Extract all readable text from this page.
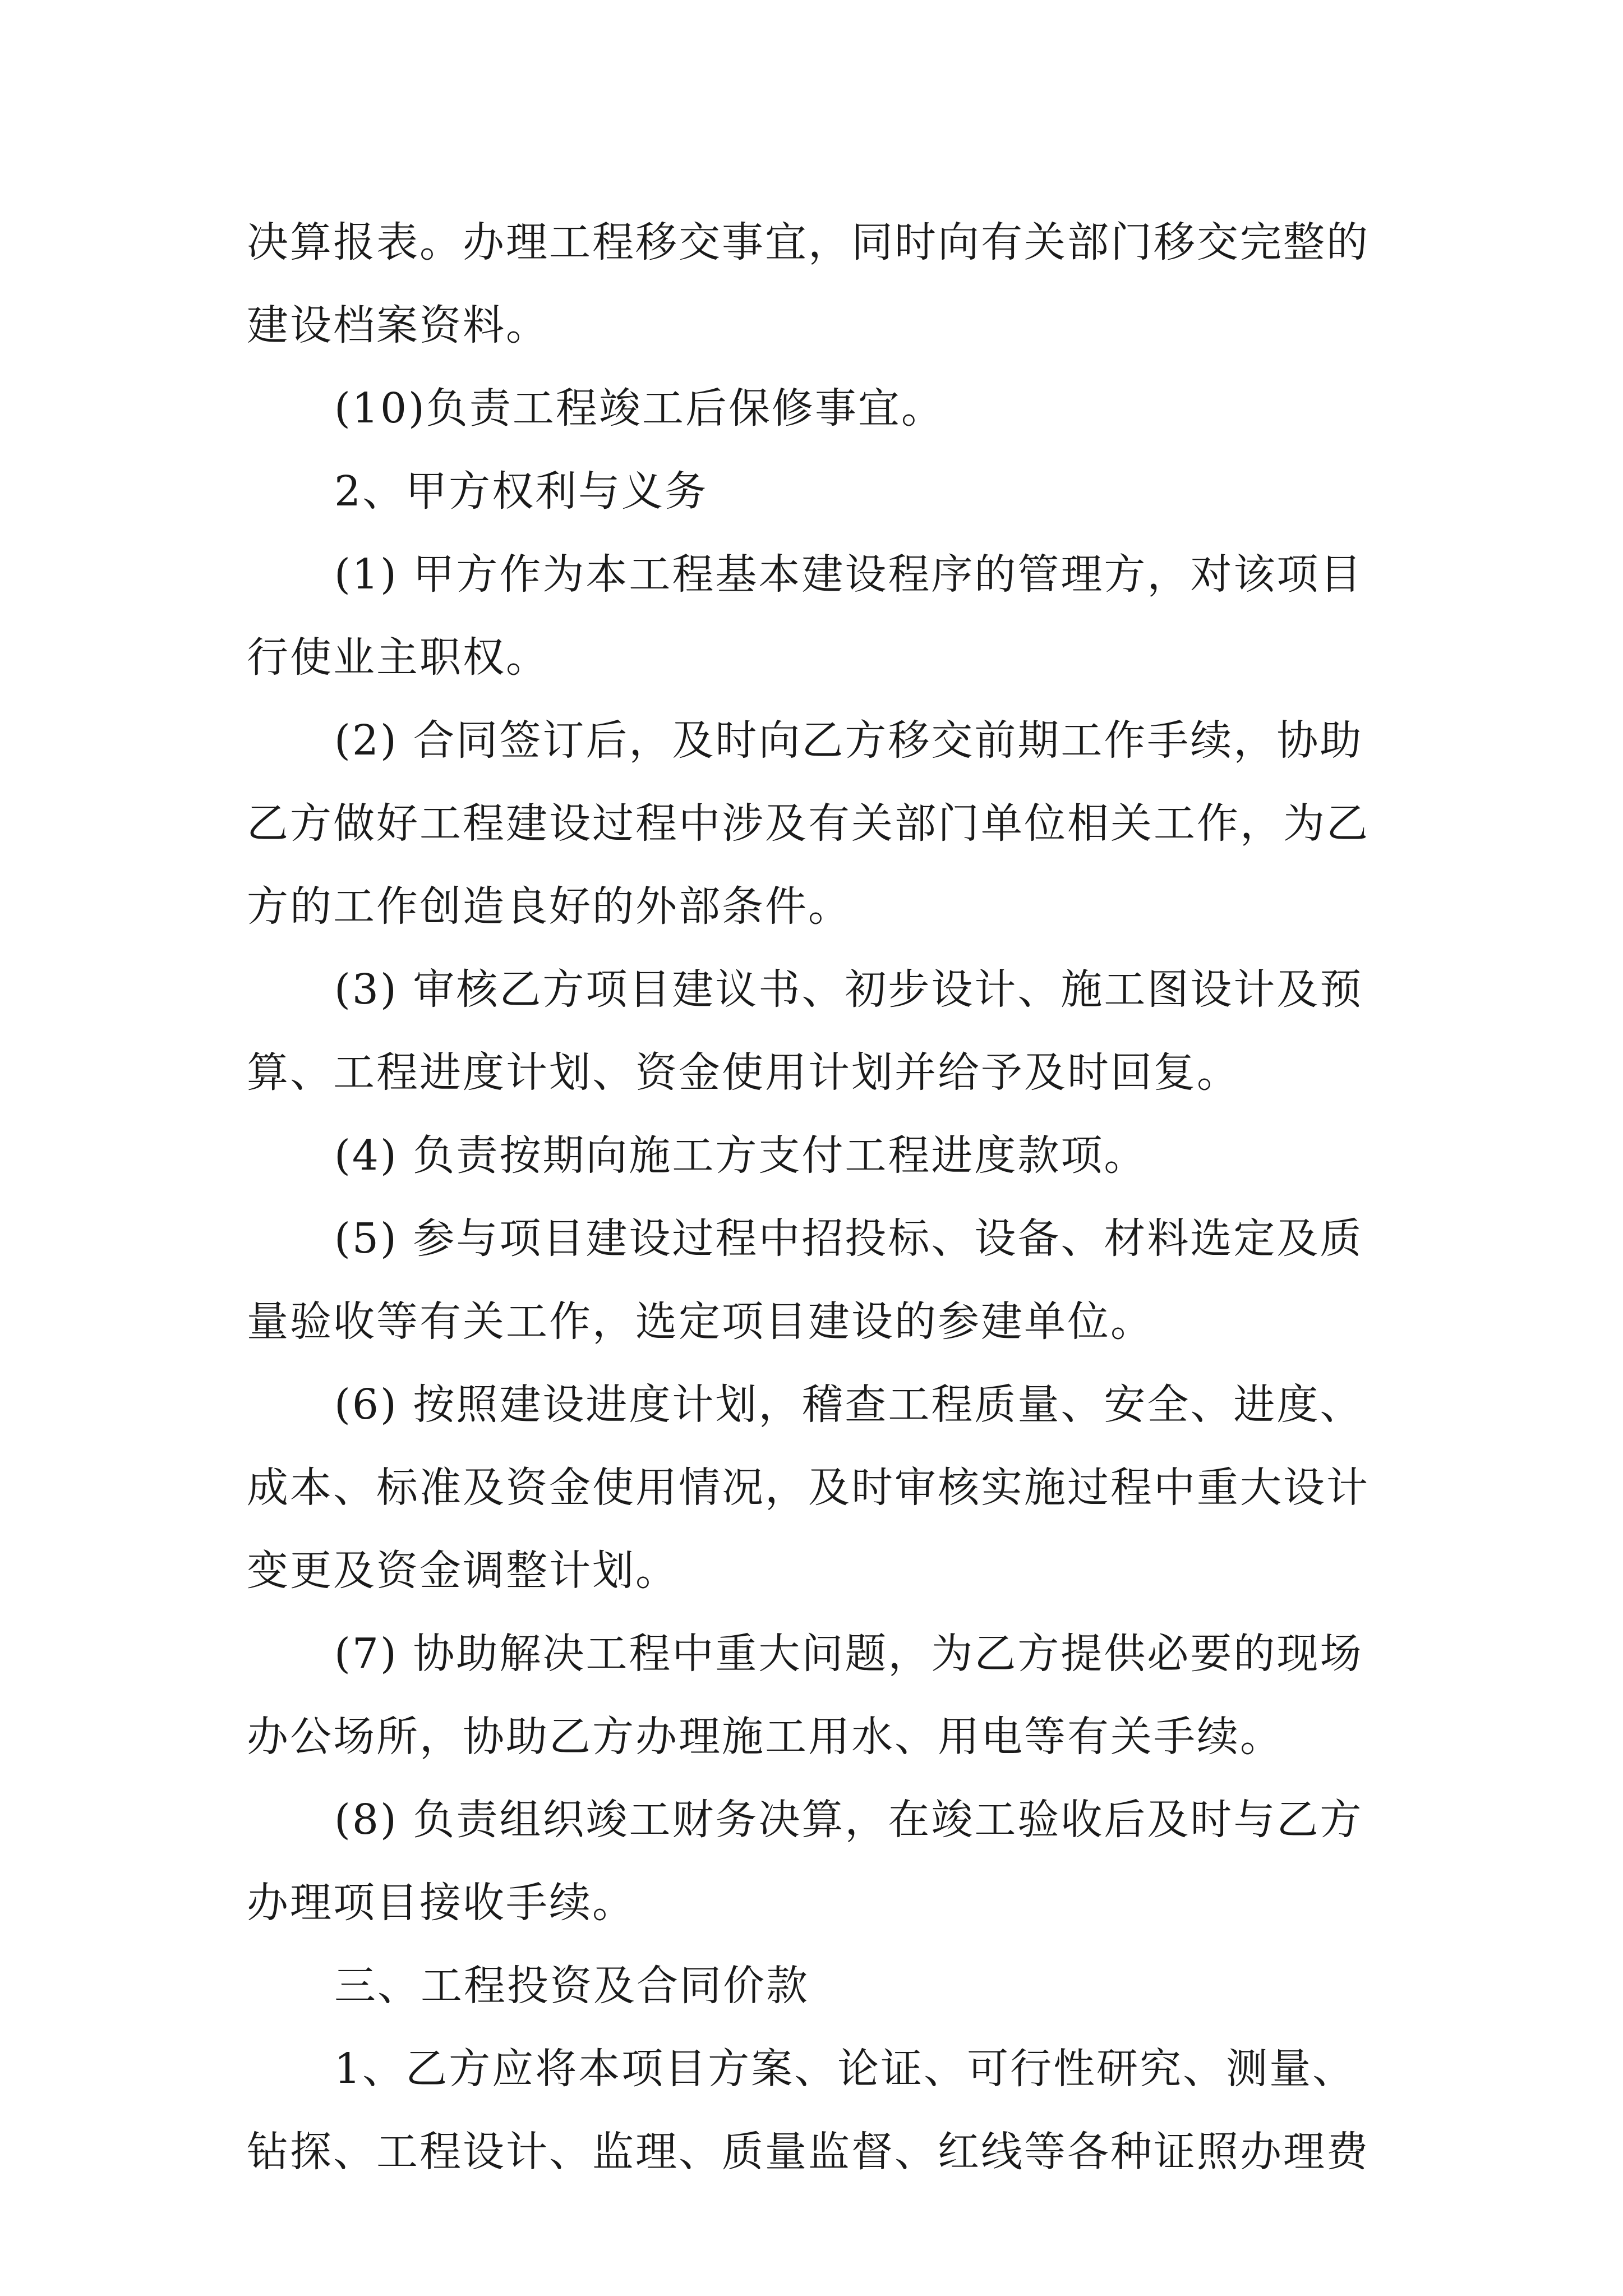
决算报表。办理工程移交事宜，同时向有关部门移交完整的
建设档案资料。
(10)负责工程竣工后保修事宜。
2、甲方权利与义务
(1) 甲方作为本工程基本建设程序的管理方，对该项目
行使业主职权。
(2) 合同签订后，及时向乙方移交前期工作手续，协助
乙方做好工程建设过程中涉及有关部门单位相关工作，为乙
方的工作创造良好的外部条件。
(3) 审核乙方项目建议书、初步设计、施工图设计及预
算、工程进度计划、资金使用计划并给予及时回复。
(4) 负责按期向施工方支付工程进度款项。
(5) 参与项目建设过程中招投标、设备、材料选定及质
量验收等有关工作，选定项目建设的参建单位。
(6) 按照建设进度计划，稽查工程质量、安全、进度、
成本、标准及资金使用情况，及时审核实施过程中重大设计
变更及资金调整计划。
(7) 协助解决工程中重大问题，为乙方提供必要的现场
办公场所，协助乙方办理施工用水、用电等有关手续。
(8) 负责组织竣工财务决算，在竣工验收后及时与乙方
办理项目接收手续。
三、工程投资及合同价款
1、乙方应将本项目方案、论证、可行性研究、测量、
钻探、工程设计、监理、质量监督、红线等各种证照办理费
